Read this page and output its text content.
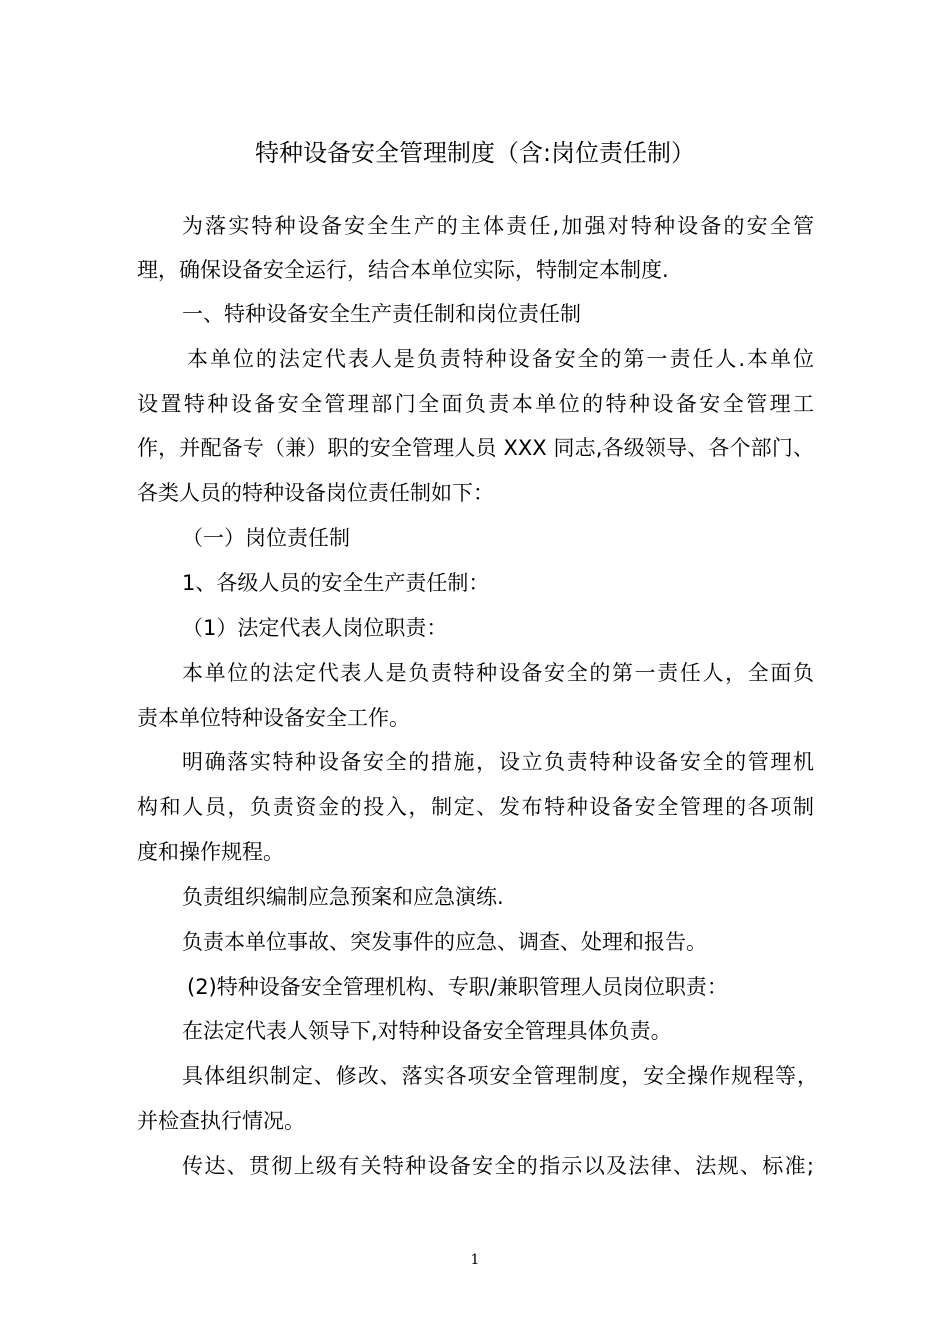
特种设备安全管理制度（含:岗位责任制）
为落实特种设备安全生产的主体责任,加强对特种设备的安全管
理，确保设备安全运行，结合本单位实际，特制定本制度.
一、特种设备安全生产责任制和岗位责任制
本单位的法定代表人是负责特种设备安全的第一责任人.本单位
设置特种设备安全管理部门全面负责本单位的特种设备安全管理工
作，并配备专（兼）职的安全管理人员 XXX 同志,各级领导、各个部门、
各类人员的特种设备岗位责任制如下：
（一）岗位责任制
1、各级人员的安全生产责任制：
（1）法定代表人岗位职责：
本单位的法定代表人是负责特种设备安全的第一责任人，全面负
责本单位特种设备安全工作。
明确落实特种设备安全的措施，设立负责特种设备安全的管理机
构和人员，负责资金的投入，制定、发布特种设备安全管理的各项制
度和操作规程。
负责组织编制应急预案和应急演练.
负责本单位事故、突发事件的应急、调查、处理和报告。
(2)特种设备安全管理机构、专职/兼职管理人员岗位职责：
在法定代表人领导下,对特种设备安全管理具体负责。
具体组织制定、修改、落实各项安全管理制度，安全操作规程等，
并检查执行情况。
传达、贯彻上级有关特种设备安全的指示以及法律、法规、标准;
1
